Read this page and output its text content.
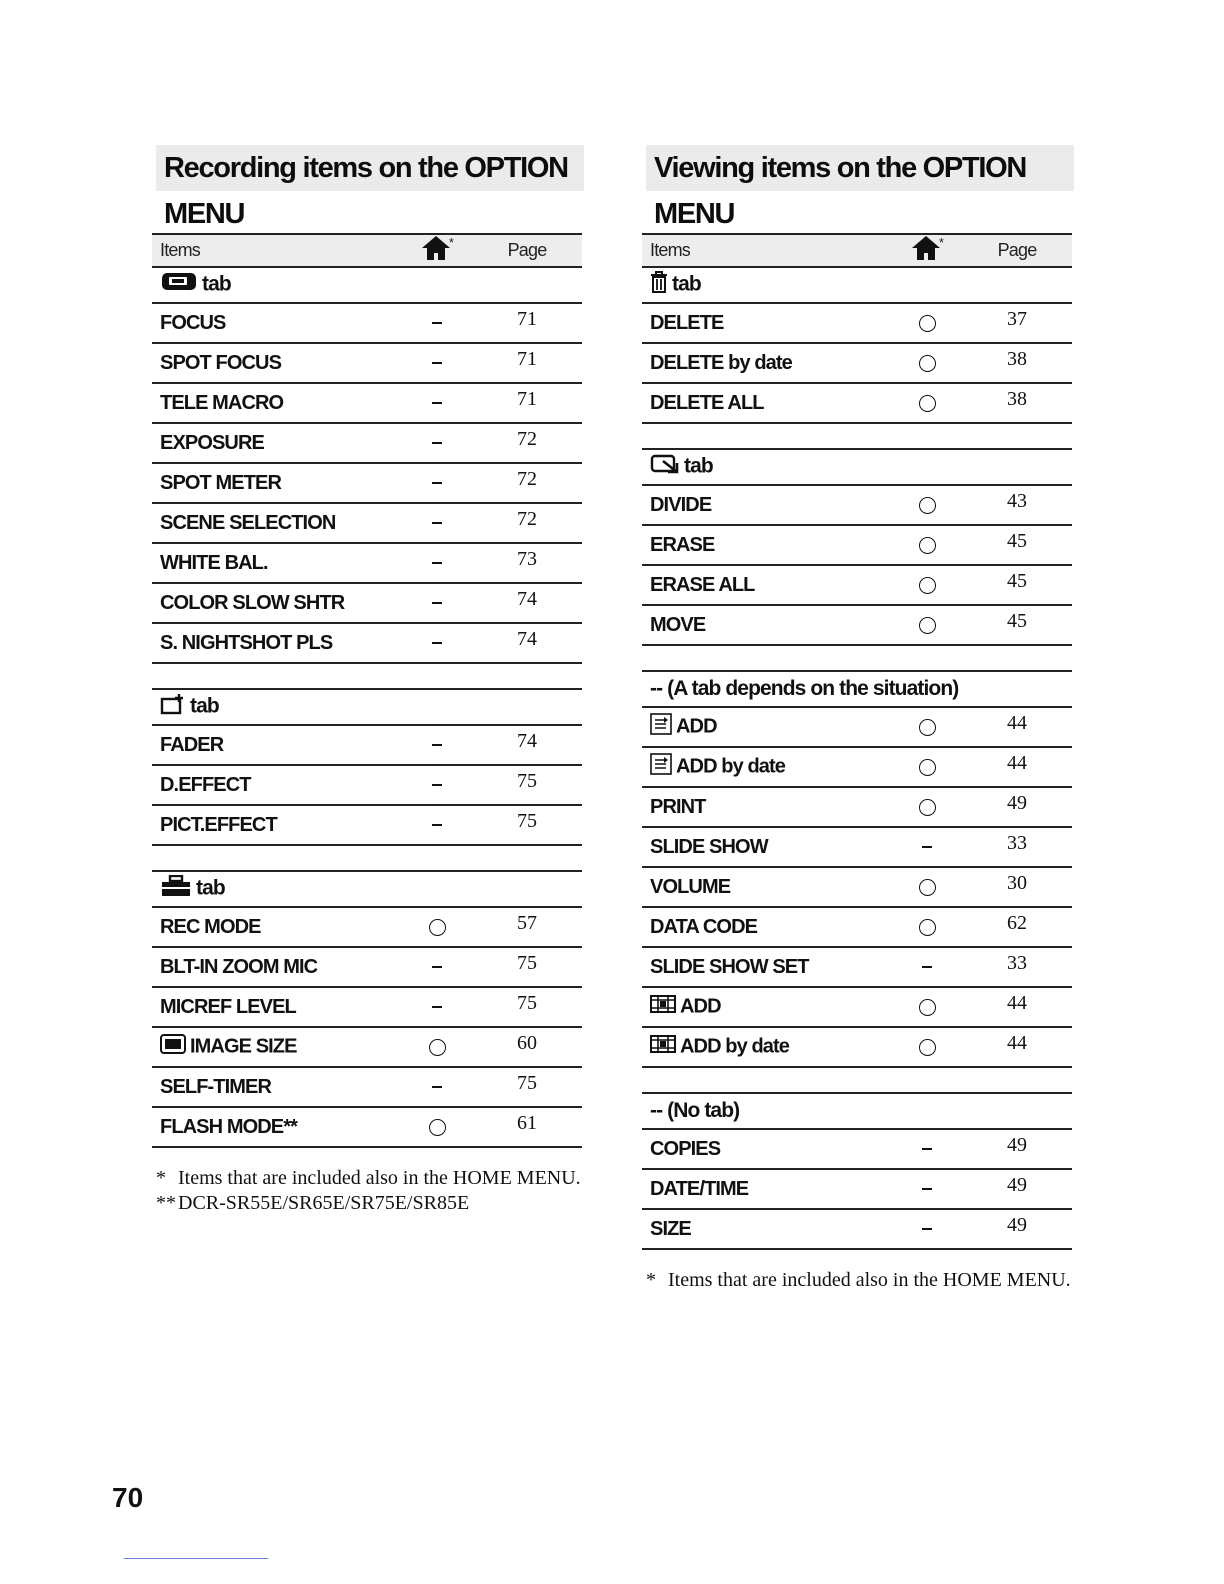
Recording items on the OPTION MENU
Items	*	Page
tab		
FOCUS		71
SPOT FOCUS		71
TELE MACRO		71
EXPOSURE		72
SPOT METER		72
SCENE SELECTION		72
WHITE BAL.		73
COLOR SLOW SHTR		74
S. NIGHTSHOT PLS		74

tab		
FADER		74
D.EFFECT		75
PICT.EFFECT		75

tab		
REC MODE		57
BLT-IN ZOOM MIC		75
MICREF LEVEL		75
IMAGE SIZE		60
SELF-TIMER		75
FLASH MODE**		61
* Items that are included also in the HOME MENU.
** DCR-SR55E/SR65E/SR75E/SR85E
Viewing items on the OPTION MENU
Items	*	Page
tab		
DELETE		37
DELETE by date		38
DELETE ALL		38

tab		
DIVIDE		43
ERASE		45
ERASE ALL		45
MOVE		45

-- (A tab depends on the situation)		
ADD		44
ADD by date		44
PRINT		49
SLIDE SHOW		33
VOLUME		30
DATA CODE		62
SLIDE SHOW SET		33
ADD		44
ADD by date		44

-- (No tab)		
COPIES		49
DATE/TIME		49
SIZE		49
* Items that are included also in the HOME MENU.
70
